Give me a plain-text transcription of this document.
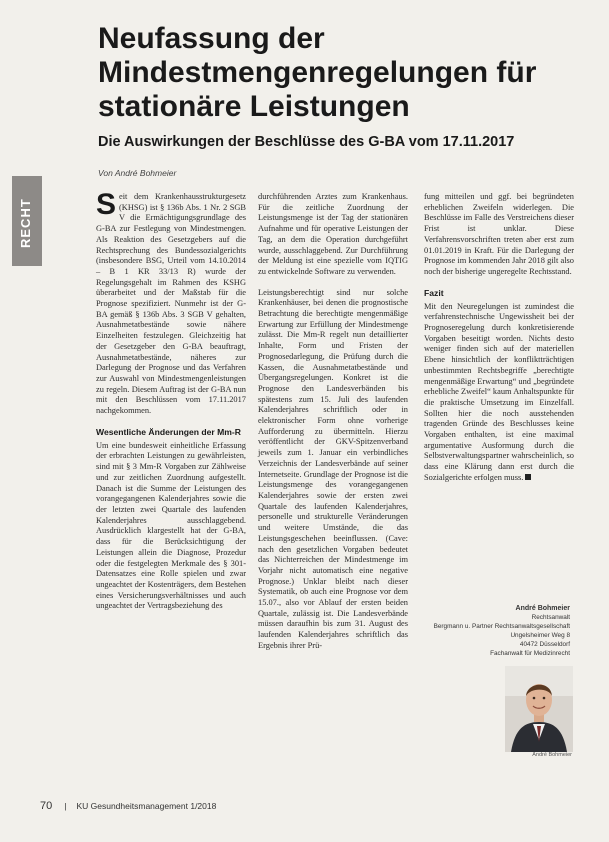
RECHT
Neufassung der Mindestmengenregelungen für stationäre Leistungen
Die Auswirkungen der Beschlüsse des G-BA vom 17.11.2017
Von André Bohmeier

Seit dem Krankenhausstrukturgesetz (KHSG) ist § 136b Abs. 1 Nr. 2 SGB V die Ermächtigungsgrundlage des G-BA zur Festlegung von Mindestmengen. Als Reaktion des Gesetzgebers auf die Rechtsprechung des Bundessozialgerichts (insbesondere BSG, Urteil vom 14.10.2014 – B 1 KR 33/13 R) wurde der Regelungsgehalt im Rahmen des KSHG überarbeitet und der Maßstab für die Prognose spezifiziert. Nunmehr ist der G-BA gemäß § 136b Abs. 3 SGB V gehalten, Ausnahmetatbestände sowie nähere Einzelheiten festzulegen. Gleichzeitig hat der Gesetzgeber den G-BA beauftragt, Ausnahmetatbestände, näheres zur Darlegung der Prognose und das Verfahren zur Auswahl von Mindestmengenleistungen zu regeln. Diesem Auftrag ist der G-BA nun mit den Beschlüssen vom 17.11.2017 nachgekommen.

Wesentliche Änderungen der Mm-R

Um eine bundesweit einheitliche Erfassung der erbrachten Leistungen zu gewährleisten, sind mit § 3 Mm-R Vorgaben zur Zählweise und zur zeitlichen Zuordnung aufgestellt. Danach ist die Summe der Leistungen des vorangegangenen Kalenderjahres sowie die der letzten zwei Quartale des laufenden Kalenderjahres ausschlaggebend. Ausdrücklich klargestellt hat der G-BA, dass für die Berücksichtigung der Leistungen allein die Diagnose, Prozedur oder die festgelegten Merkmale des § 301-Datensatzes eine Rolle spielen und zwar ungeachtet der Kostenträgers, dem Bestehen eines Versicherungsverhältnisses und auch ungeachtet der Vertragsbeziehung des

durchführenden Arztes zum Krankenhaus. Für die zeitliche Zuordnung der Leistungsmenge ist der Tag der stationären Aufnahme und für operative Leistungen der Tag, an dem die Operation durchgeführt wurde, ausschlaggebend. Zur Durchführung der Meldung ist eine spezielle vom IQTIG zu entwickelnde Software zu verwenden.

Leistungsberechtigt sind nur solche Krankenhäuser, bei denen die prognostische Betrachtung die berechtigte mengenmäßige Erwartung zur Erfüllung der Mindestmenge zulässt. Die Mm-R regelt nun detaillierter Inhalte, Form und Fristen der Prognosedarlegung, die Prüfung durch die Kassen, die Ausnahmetatbestände und Übergangsregelungen. Konkret ist die Prognose den Landesverbänden bis spätestens zum 15. Juli des laufenden Kalenderjahres schriftlich oder in elektronischer Form ohne vorherige Aufforderung zu übermitteln. Hierzu veröffentlicht der GKV-Spitzenverband jeweils zum 1. Januar ein verbindliches Verzeichnis der Landesverbände auf seiner Internetseite. Grundlage der Prognose ist die Leistungsmenge des vorangegangenen Kalenderjahres sowie der ersten zwei Quartale des laufenden Kalenderjahres, personelle und strukturelle Veränderungen und weitere Umstände, die das Leistungsgeschehen beeinflussen. (Cave: nach den gesetzlichen Vorgaben bedeutet das Nichterreichen der Mindestmenge im Vorjahr nicht automatisch eine negative Prognose.) Unklar bleibt nach dieser Systematik, ob auch eine Prognose vor dem 15.07., also vor Ablauf der ersten beiden Quartale, zulässig ist. Die Landesverbände müssen daraufhin bis zum 31. August des laufenden Kalenderjahres schriftlich das Ergebnis ihrer Prü-

fung mitteilen und ggf. bei begründeten erheblichen Zweifeln widerlegen. Die Beschlüsse im Falle des Verstreichens dieser Frist ist unklar. Diese Verfahrensvorschriften treten aber erst zum 01.01.2019 in Kraft. Für die Darlegung der Prognose im kommenden Jahr 2018 gilt also noch der bisherige ungeregelte Rechtsstand.

Fazit

Mit den Neuregelungen ist zumindest die verfahrenstechnische Ungewissheit bei der Prognoseregelung durch konkretisierende Vorgaben beseitigt worden. Nichts desto weniger finden sich auf der materiellen Ebene hinsichtlich der konfliktträchtigen unbestimmten Rechtsbegriffe „berechtigte mengenmäßige Erwartung“ und „begründete erhebliche Zweifel“ kaum Anhaltspunkte für die praktische Umsetzung im Einzelfall. Sollten hier die noch ausstehenden tragenden Gründe des Beschlusses keine Vorgaben enthalten, ist eine maximal argumentative Ausformung durch die Selbstverwaltungspartner wahrscheinlich, so dass eine Klärung dann erst durch die Sozialgerichte erfolgen muss.

André Bohmeier
Rechtsanwalt
Bergmann u. Partner Rechtsanwaltsgesellschaft
Ungelsheimer Weg 8
40472 Düsseldorf
Fachanwalt für Medizinrecht
André Bohmeier
70 | KU Gesundheitsmanagement 1/2018
